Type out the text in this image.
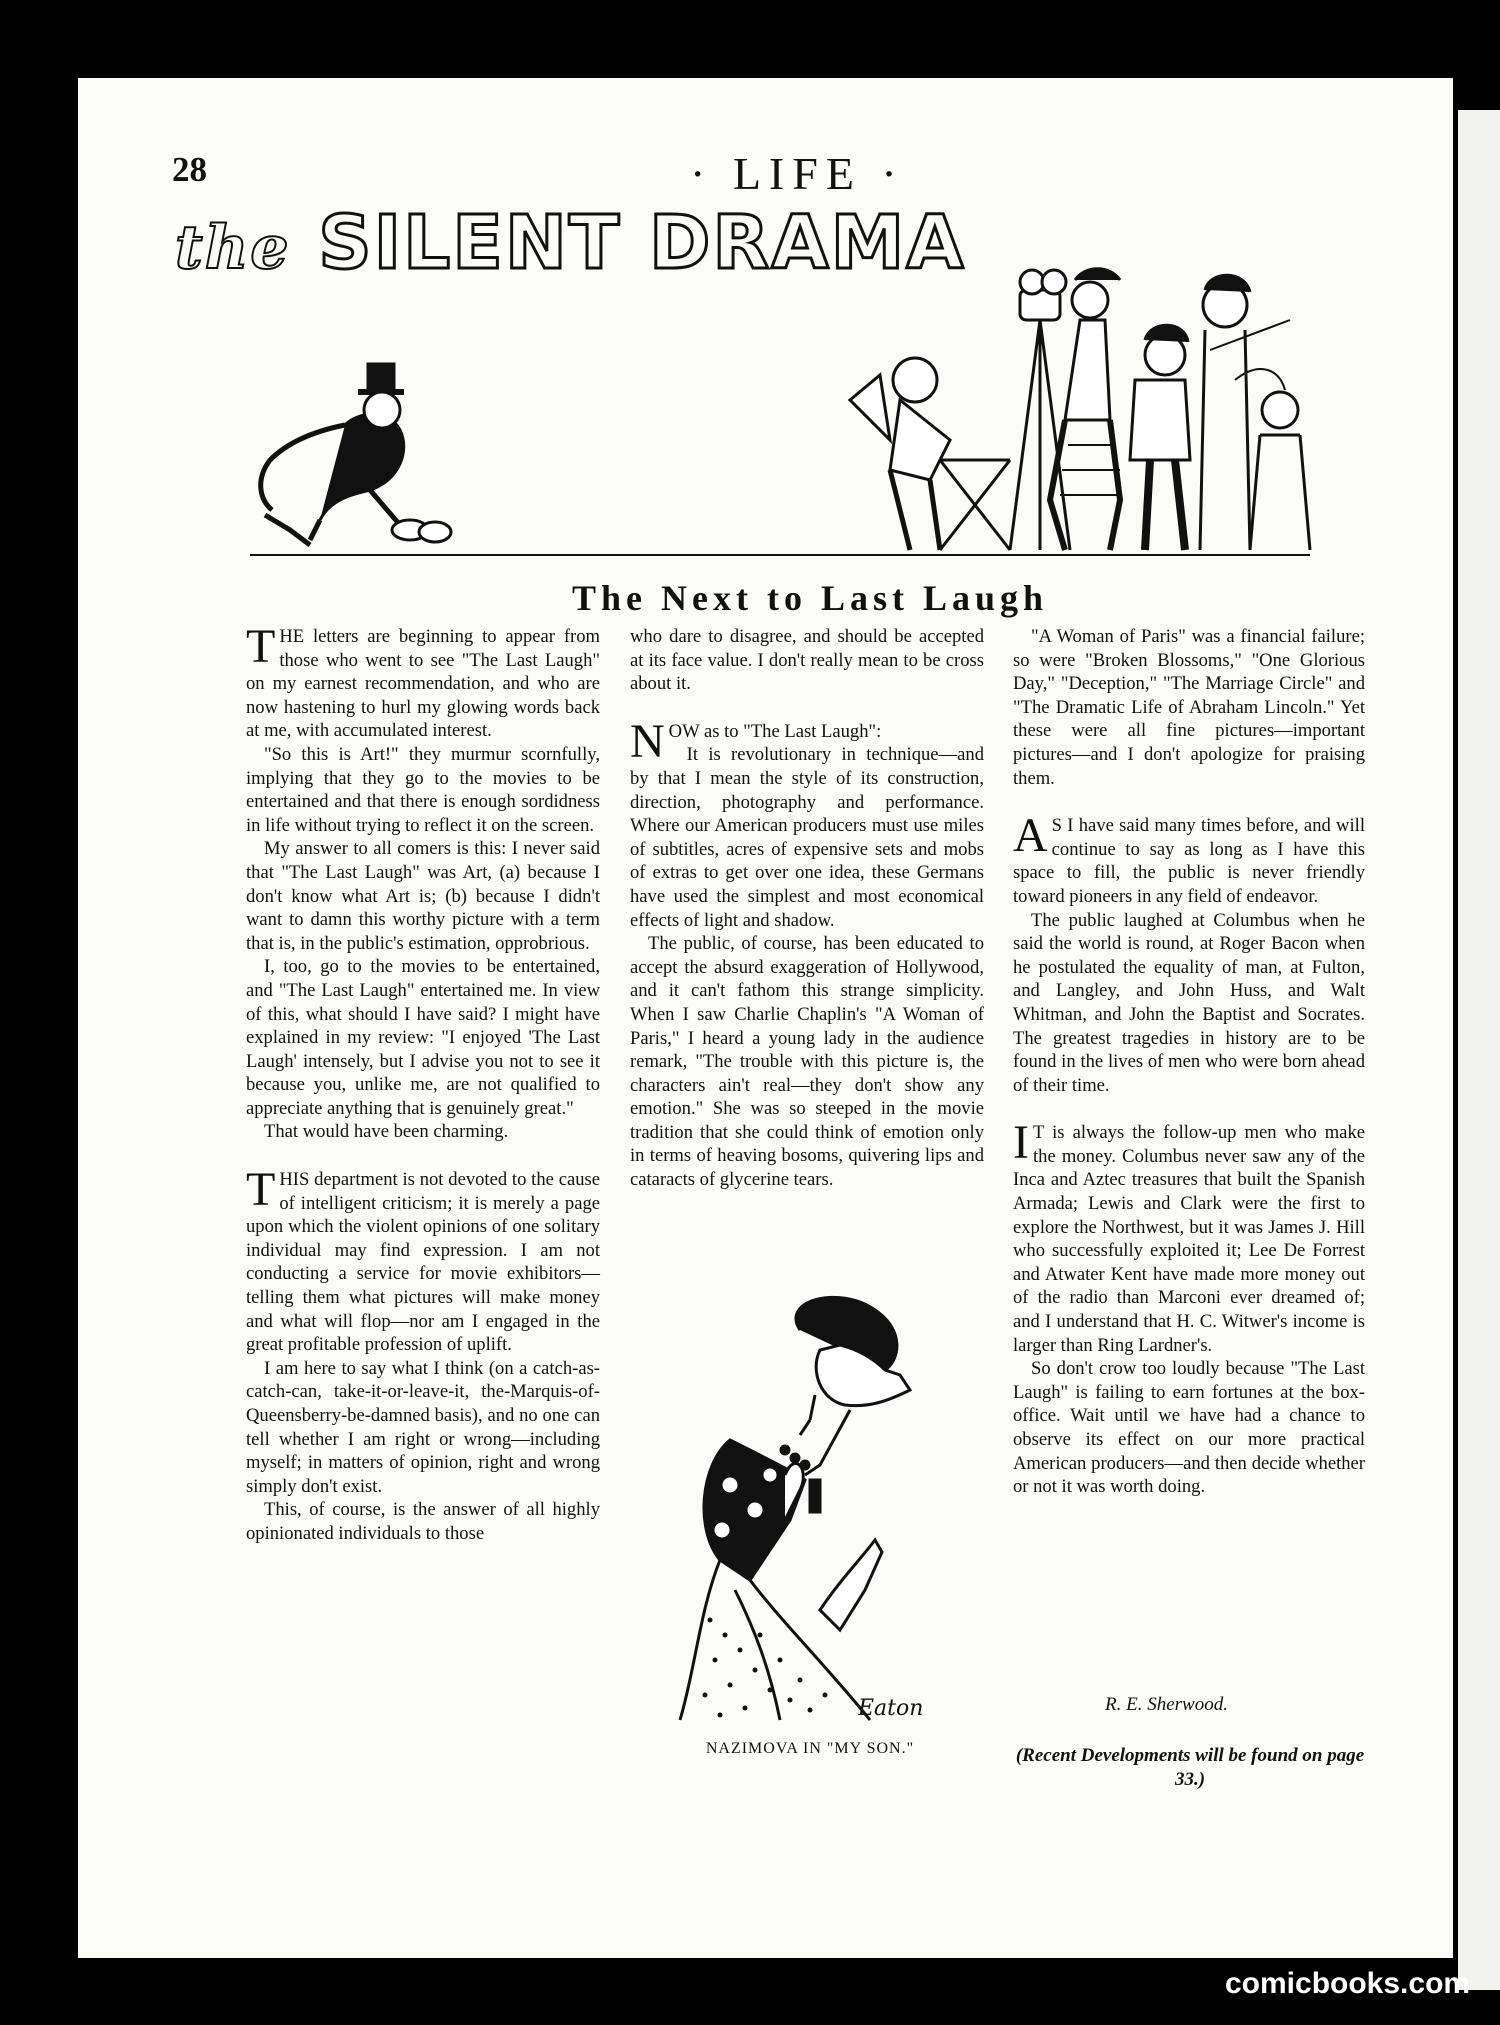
28	· LIFE ·
the SILENT DRAMA
The Next to Last Laugh

THE letters are beginning to appear from those who went to see "The Last Laugh" on my earnest recommendation, and who are now hastening to hurl my glowing words back at me, with accumulated interest.

"So this is Art!" they murmur scornfully, implying that they go to the movies to be entertained and that there is enough sordidness in life without trying to reflect it on the screen.

My answer to all comers is this: I never said that "The Last Laugh" was Art, (a) because I don't know what Art is; (b) because I didn't want to damn this worthy picture with a term that is, in the public's estimation, opprobrious.

I, too, go to the movies to be entertained, and "The Last Laugh" entertained me. In view of this, what should I have said? I might have explained in my review: "I enjoyed 'The Last Laugh' intensely, but I advise you not to see it because you, unlike me, are not qualified to appreciate anything that is genuinely great."

That would have been charming.

THIS department is not devoted to the cause of intelligent criticism; it is merely a page upon which the violent opinions of one solitary individual may find expression. I am not conducting a service for movie exhibitors—telling them what pictures will make money and what will flop—nor am I engaged in the great profitable profession of uplift.

I am here to say what I think (on a catch-as-catch-can, take-it-or-leave-it, the-Marquis-of-Queensberry-be-damned basis), and no one can tell whether I am right or wrong—including myself; in matters of opinion, right and wrong simply don't exist.

This, of course, is the answer of all highly opinionated individuals to those

who dare to disagree, and should be accepted at its face value. I don't really mean to be cross about it.

NOW as to "The Last Laugh":

It is revolutionary in technique—and by that I mean the style of its construction, direction, photography and performance. Where our American producers must use miles of subtitles, acres of expensive sets and mobs of extras to get over one idea, these Germans have used the simplest and most economical effects of light and shadow.

The public, of course, has been educated to accept the absurd exaggeration of Hollywood, and it can't fathom this strange simplicity. When I saw Charlie Chaplin's "A Woman of Paris," I heard a young lady in the audience remark, "The trouble with this picture is, the characters ain't real—they don't show any emotion." She was so steeped in the movie tradition that she could think of emotion only in terms of heaving bosoms, quivering lips and cataracts of glycerine tears.

"A Woman of Paris" was a financial failure; so were "Broken Blossoms," "One Glorious Day," "Deception," "The Marriage Circle" and "The Dramatic Life of Abraham Lincoln." Yet these were all fine pictures—important pictures—and I don't apologize for praising them.

A S I have said many times before, and will continue to say as long as I have this space to fill, the public is never friendly toward pioneers in any field of endeavor.

The public laughed at Columbus when he said the world is round, at Roger Bacon when he postulated the equality of man, at Fulton, and Langley, and John Huss, and Walt Whitman, and John the Baptist and Socrates. The greatest tragedies in history are to be found in the lives of men who were born ahead of their time.

I T is always the follow-up men who make the money. Columbus never saw any of the Inca and Aztec treasures that built the Spanish Armada; Lewis and Clark were the first to explore the Northwest, but it was James J. Hill who successfully exploited it; Lee De Forrest and Atwater Kent have made more money out of the radio than Marconi ever dreamed of; and I understand that H. C. Witwer's income is larger than Ring Lardner's.

So don't crow too loudly because "The Last Laugh" is failing to earn fortunes at the box-office. Wait until we have had a chance to observe its effect on our more practical American producers—and then decide whether or not it was worth doing.

Eaton
NAZIMOVA IN "MY SON."
R. E. Sherwood.
(Recent Developments will be found on page 33.)
comicbooks.com
